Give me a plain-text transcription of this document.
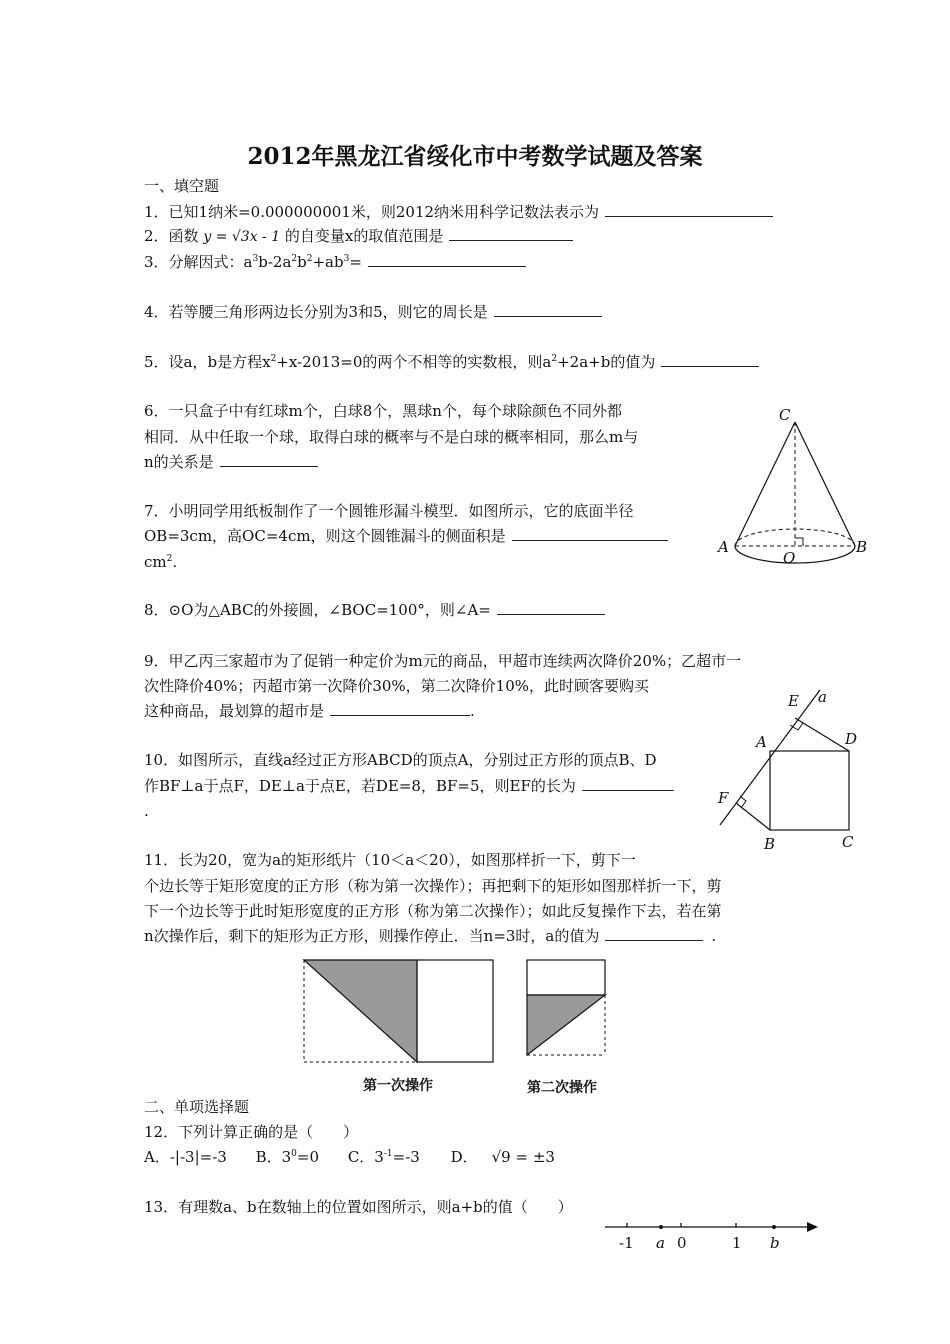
2012年黑龙江省绥化市中考数学试题及答案
一、填空题
1．已知1纳米=0.000000001米，则2012纳米用科学记数法表示为
2．函数 y = √3x - 1 的自变量x的取值范围是
3．分解因式：$a^3b-2a^2b^2+ab^3=$
4．若等腰三角形两边长分别为3和5，则它的周长是
5．设a，b是方程$x^2+x-2013=0$的两个不相等的实数根，则$a^2+2a+b$的值为
6．一只盒子中有红球m个，白球8个，黑球n个，每个球除颜色不同外都
相同．从中任取一个球，取得白球的概率与不是白球的概率相同，那么m与
n的关系是
7．小明同学用纸板制作了一个圆锥形漏斗模型．如图所示，它的底面半径
OB=3cm，高OC=4cm，则这个圆锥漏斗的侧面积是
$cm^2$.
C
A
O
B
8．⊙O为△ABC的外接圆，∠BOC=100°，则∠A=
9．甲乙丙三家超市为了促销一种定价为m元的商品，甲超市连续两次降价20%；乙超市一
次性降价40%；丙超市第一次降价30%，第二次降价10%，此时顾客要购买
这种商品，最划算的超市是	.
E a
A	D
F
B	C
10．如图所示，直线a经过正方形ABCD的顶点A，分别过正方形的顶点B、D
作BF⊥a于点F，DE⊥a于点E，若DE=8，BF=5，则EF的长为
.
11．长为20，宽为a的矩形纸片（10＜a＜20），如图那样折一下，剪下一
个边长等于矩形宽度的正方形（称为第一次操作）；再把剩下的矩形如图那样折一下，剪
下一个边长等于此时矩形宽度的正方形（称为第二次操作）；如此反复操作下去，若在第
n次操作后，剩下的矩形为正方形，则操作停止．当n=3时，a的值为	.
第一次操作	第二次操作
二、单项选择题
12．下列计算正确的是（　　）
A．-|-3|=-3 B．$3^0=0$ C．$3^{-1}=-3$ D． √9 = ±3
13．有理数a、b在数轴上的位置如图所示，则a+b的值（　　）
-1 a 0	1 b
